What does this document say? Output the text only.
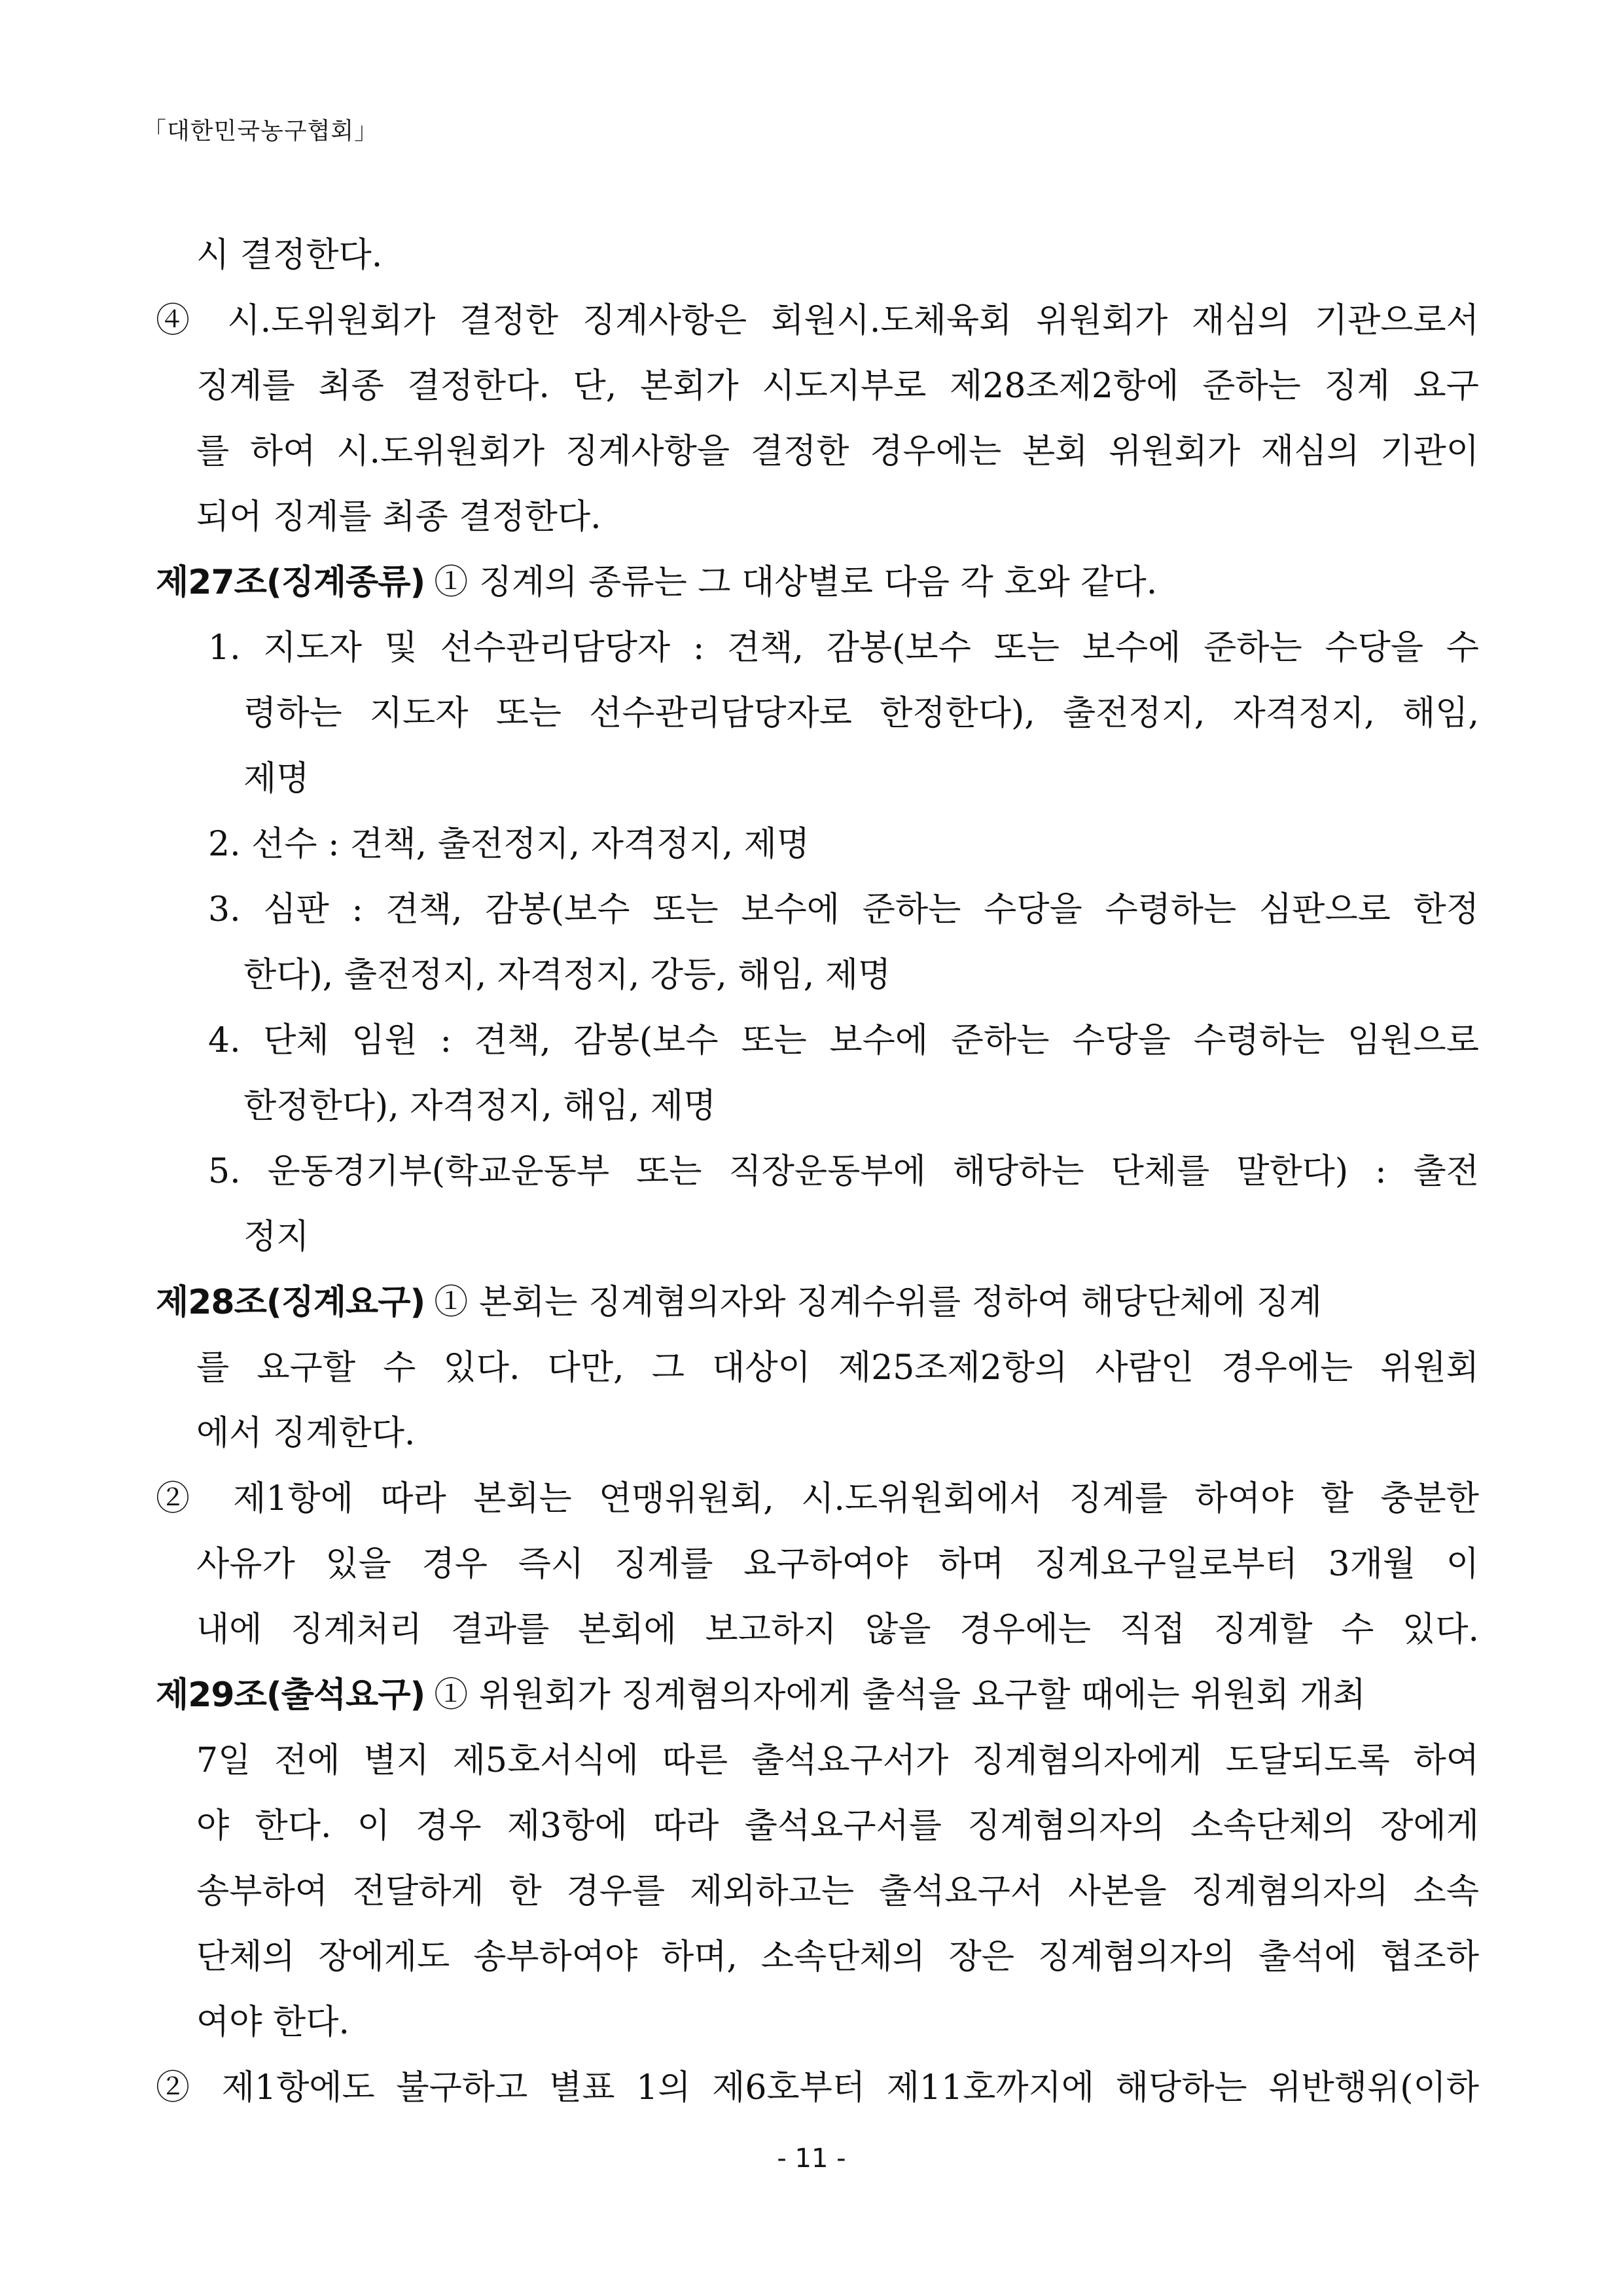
「대한민국농구협회」
시 결정한다.
④ 시.도위원회가 결정한 징계사항은 회원시.도체육회 위원회가 재심의 기관으로서
징계를 최종 결정한다. 단, 본회가 시도지부로 제28조제2항에 준하는 징계 요구
를 하여 시.도위원회가 징계사항을 결정한 경우에는 본회 위원회가 재심의 기관이
되어 징계를 최종 결정한다.
제27조(징계종류) ① 징계의 종류는 그 대상별로 다음 각 호와 같다.
1. 지도자 및 선수관리담당자 : 견책, 감봉(보수 또는 보수에 준하는 수당을 수
령하는 지도자 또는 선수관리담당자로 한정한다), 출전정지, 자격정지, 해임,
제명
2. 선수 : 견책, 출전정지, 자격정지, 제명
3. 심판 : 견책, 감봉(보수 또는 보수에 준하는 수당을 수령하는 심판으로 한정
한다), 출전정지, 자격정지, 강등, 해임, 제명
4. 단체 임원 : 견책, 감봉(보수 또는 보수에 준하는 수당을 수령하는 임원으로
한정한다), 자격정지, 해임, 제명
5. 운동경기부(학교운동부 또는 직장운동부에 해당하는 단체를 말한다) : 출전
정지
제28조(징계요구) ① 본회는 징계혐의자와 징계수위를 정하여 해당단체에 징계
를 요구할 수 있다. 다만, 그 대상이 제25조제2항의 사람인 경우에는 위원회
에서 징계한다.
② 제1항에 따라 본회는 연맹위원회, 시.도위원회에서 징계를 하여야 할 충분한
사유가 있을 경우 즉시 징계를 요구하여야 하며 징계요구일로부터 3개월 이
내에 징계처리 결과를 본회에 보고하지 않을 경우에는 직접 징계할 수 있다.
제29조(출석요구) ① 위원회가 징계혐의자에게 출석을 요구할 때에는 위원회 개최
7일 전에 별지 제5호서식에 따른 출석요구서가 징계혐의자에게 도달되도록 하여
야 한다. 이 경우 제3항에 따라 출석요구서를 징계혐의자의 소속단체의 장에게
송부하여 전달하게 한 경우를 제외하고는 출석요구서 사본을 징계혐의자의 소속
단체의 장에게도 송부하여야 하며, 소속단체의 장은 징계혐의자의 출석에 협조하
여야 한다.
② 제1항에도 불구하고 별표 1의 제6호부터 제11호까지에 해당하는 위반행위(이하
- 11 -
